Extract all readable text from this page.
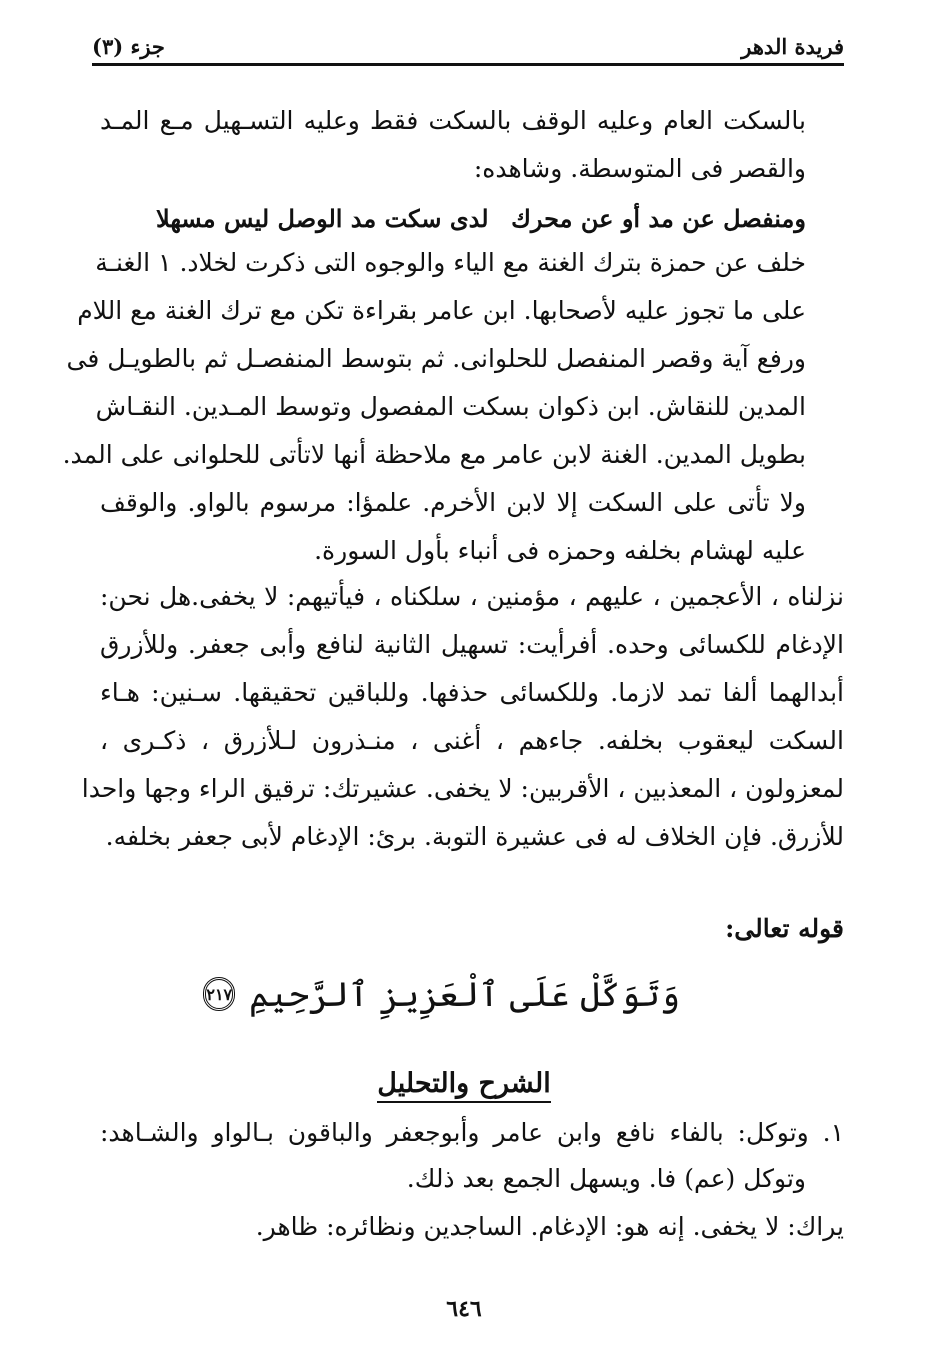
فريدة الدهر
جزء (٣)
بالسكت العام وعليه الوقف بالسكت فقط وعليه التسـهيل مـع المـد
والقصر فى المتوسطة. وشاهده:
ومنفصل عن مد أو عن محرك
لدى سكت مد الوصل ليس مسهلا
خلف عن حمزة بترك الغنة مع الياء والوجوه التى ذكرت لخلاد. ١ الغنـة
على ما تجوز عليه لأصحابها. ابن عامر بقراءة تكن مع ترك الغنة مع اللام
ورفع آية وقصر المنفصل للحلوانى. ثم بتوسط المنفصـل ثم بالطويـل فى
المدين للنقاش. ابن ذكوان بسكت المفصول وتوسط المـدين. النقـاش
بطويل المدين. الغنة لابن عامر مع ملاحظة أنها لاتأتى للحلوانى على المد.
ولا تأتى على السكت إلا لابن الأخرم. علمؤا: مرسوم بالواو. والوقف
عليه لهشام بخلفه وحمزه فى أنباء بأول السورة.
نزلناه ، الأعجمين ، عليهم ، مؤمنين ، سلكناه ، فيأتيهم: لا يخفى.هل نحن:
الإدغام للكسائى وحده. أفرأيت: تسهيل الثانية لنافع وأبى جعفر. وللأزرق
أبدالهما ألفا تمد لازما. وللكسائى حذفها. وللباقين تحقيقها. سـنين: هـاء
السكت ليعقوب بخلفه. جاءهم ، أغنى ، منـذرون لـلأزرق ، ذكـرى ،
لمعزولون ، المعذبين ، الأقربين: لا يخفى. عشيرتك: ترقيق الراء وجها واحدا
للأزرق. فإن الخلاف له فى عشيرة التوبة. برئ: الإدغام لأبى جعفر بخلفه.
قوله تعالى:
وَتَوَكَّلْ عَلَى ٱلْعَزِيزِ ٱلرَّحِيمِ
٢١٧
الشرح والتحليل
١. وتوكل: بالفاء نافع وابن عامر وأبوجعفر والباقون بـالواو والشـاهد:
وتوكل (عم) فا. ويسهل الجمع بعد ذلك.
يراك: لا يخفى. إنه هو: الإدغام. الساجدين ونظائره: ظاهر.
٦٤٦
